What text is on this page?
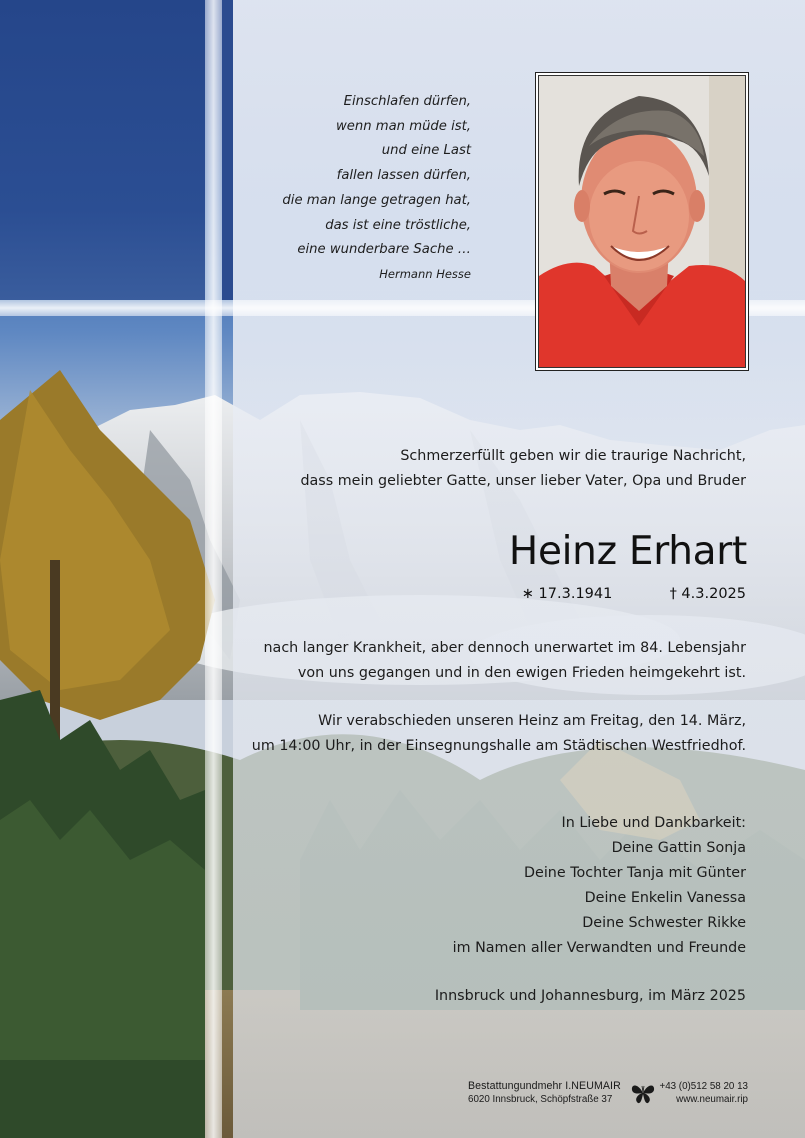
Einschlafen dürfen,
wenn man müde ist,
und eine Last
fallen lassen dürfen,
die man lange getragen hat,
das ist eine tröstliche,
eine wunderbare Sache …
Hermann Hesse
Schmerzerfüllt geben wir die traurige Nachricht,
dass mein geliebter Gatte, unser lieber Vater, Opa und Bruder
Heinz Erhart
∗ 17.3.1941	† 4.3.2025
nach langer Krankheit, aber dennoch unerwartet im 84. Lebensjahr
von uns gegangen und in den ewigen Frieden heimgekehrt ist.
Wir verabschieden unseren Heinz am Freitag, den 14. März,
um 14:00 Uhr, in der Einsegnungshalle am Städtischen Westfriedhof.
In Liebe und Dankbarkeit:
Deine Gattin Sonja
Deine Tochter Tanja mit Günter
Deine Enkelin Vanessa
Deine Schwester Rikke
im Namen aller Verwandten und Freunde
Innsbruck und Johannesburg, im März 2025
Bestattungundmehr I.NEUMAIR
6020 Innsbruck, Schöpfstraße 37
+43 (0)512 58 20 13
www.neumair.rip
